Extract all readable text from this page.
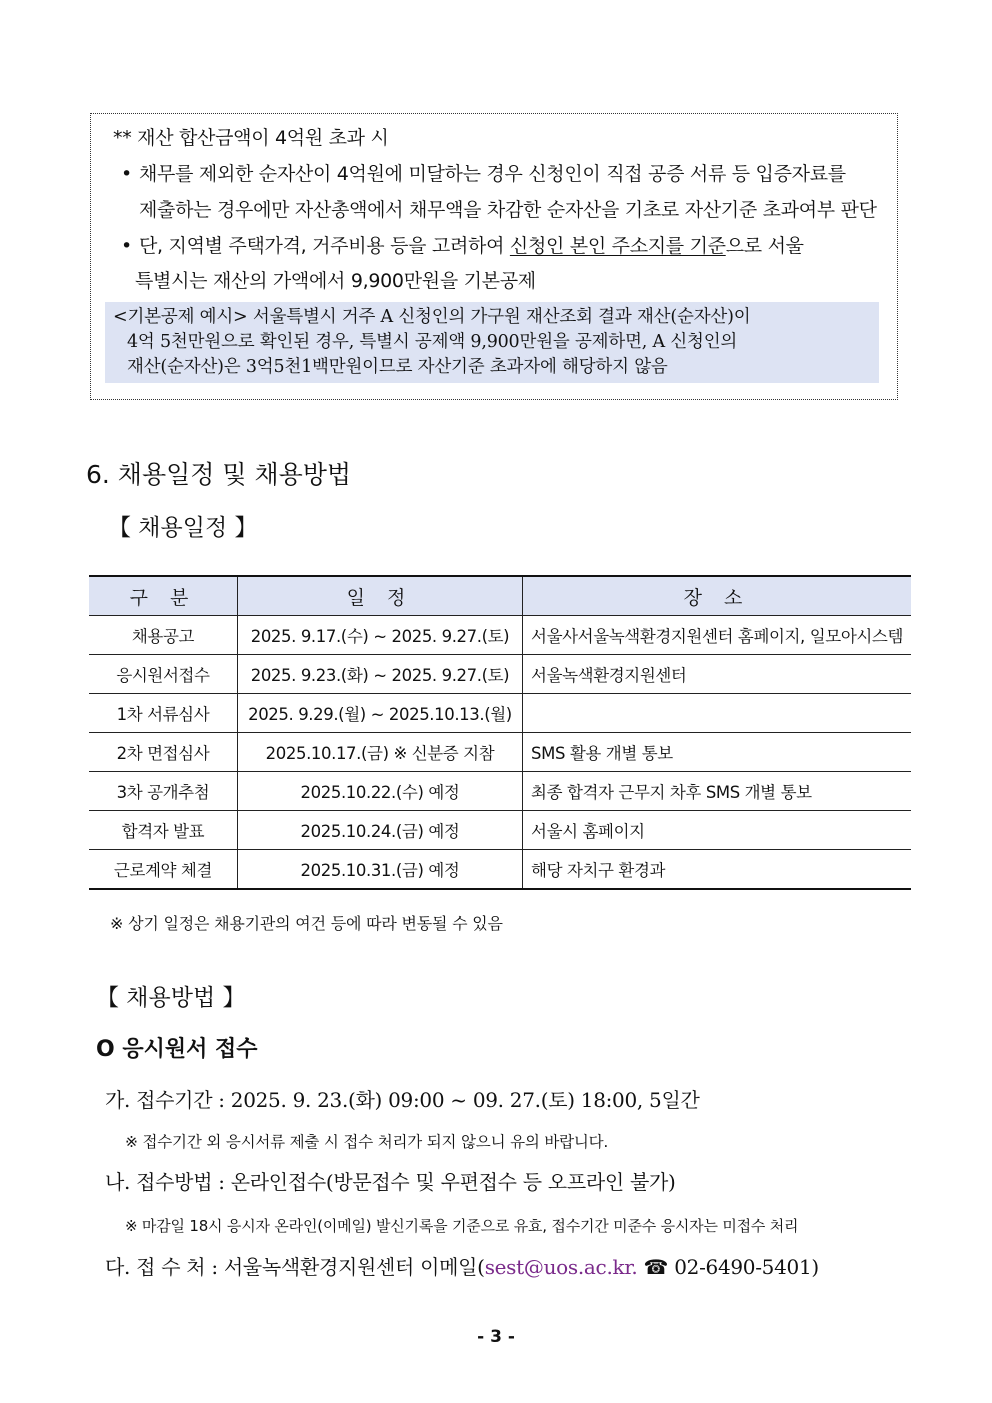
** 재산 합산금액이 4억원 초과 시
• 채무를 제외한 순자산이 4억원에 미달하는 경우 신청인이 직접 공증 서류 등 입증자료를
제출하는 경우에만 자산총액에서 채무액을 차감한 순자산을 기초로 자산기준 초과여부 판단
• 단, 지역별 주택가격, 거주비용 등을 고려하여 신청인 본인 주소지를 기준으로 서울
특별시는 재산의 가액에서 9,900만원을 기본공제
<기본공제 예시> 서울특별시 거주 A 신청인의 가구원 재산조회 결과 재산(순자산)이
4억 5천만원으로 확인된 경우, 특별시 공제액 9,900만원을 공제하면, A 신청인의
재산(순자산)은 3억5천1백만원이므로 자산기준 초과자에 해당하지 않음
6. 채용일정 및 채용방법
【 채용일정 】
구 분	일 정	장 소
채용공고	2025. 9.17.(수) ~ 2025. 9.27.(토)	서울사서울녹색환경지원센터 홈페이지, 일모아시스템
응시원서접수	2025. 9.23.(화) ~ 2025. 9.27.(토)	서울녹색환경지원센터
1차 서류심사	2025. 9.29.(월) ~ 2025.10.13.(월)	
2차 면접심사	2025.10.17.(금) ※ 신분증 지참	SMS 활용 개별 통보
3차 공개추첨	2025.10.22.(수) 예정	최종 합격자 근무지 차후 SMS 개별 통보
합격자 발표	2025.10.24.(금) 예정	서울시 홈페이지
근로계약 체결	2025.10.31.(금) 예정	해당 자치구 환경과
※ 상기 일정은 채용기관의 여건 등에 따라 변동될 수 있음
【 채용방법 】
O 응시원서 접수
가. 접수기간 : 2025. 9. 23.(화) 09:00 ~ 09. 27.(토) 18:00, 5일간
※ 접수기간 외 응시서류 제출 시 접수 처리가 되지 않으니 유의 바랍니다.
나. 접수방법 : 온라인접수(방문접수 및 우편접수 등 오프라인 불가)
※ 마감일 18시 응시자 온라인(이메일) 발신기록을 기준으로 유효, 접수기간 미준수 응시자는 미접수 처리
다. 접 수 처 : 서울녹색환경지원센터 이메일(sest@uos.ac.kr. ☎ 02-6490-5401)
- 3 -
